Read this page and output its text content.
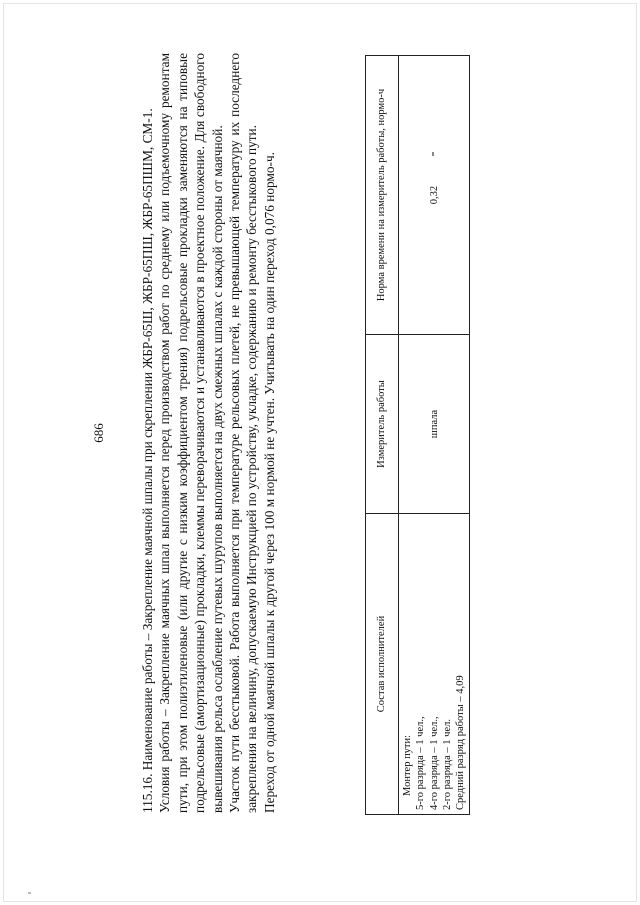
686	115.16. Наименование работы – Закрепление маячной шпалы при скреплении ЖБР-65Ш, ЖБР-65ПШ, ЖБР-65ПШМ, СМ-1. Условия работы – Закрепление маячных шпал выполняется перед производством работ по среднему или подъемочному ремонтам пути, при этом полиэтиленовые (или другие с низким коэффициентом трения) подрельсовые прокладки заменяются на типовые подрельсовые (амортизационные) прокладки, клеммы переворачиваются и устанавливаются в проектное положение. Для свободного вывешивания рельса ослабление путевых шурупов выполняется на двух смежных шпалах с каждой стороны от маячной. Участок пути бесстыковой. Работа выполняется при температуре рельсовых плетей, не превышающей температуру их последнего закрепления на величину, допускаемую Инструкцией по устройству, укладке, содержанию и ремонту бесстыкового пути. Переход от одной маячной шпалы к другой через 100 м нормой не учтен. Учитывать на один переход 0,076 нормо-ч.	Состав исполнителей	Измеритель работы	Норма времени на измеритель работы, нормо-ч

Монтер пути: 5-го разряда – 1 чел., 4-го разряда – 1 чел., 2-го разряда – 1 чел. Средний разряд работы – 4,09	шпала	0,32
